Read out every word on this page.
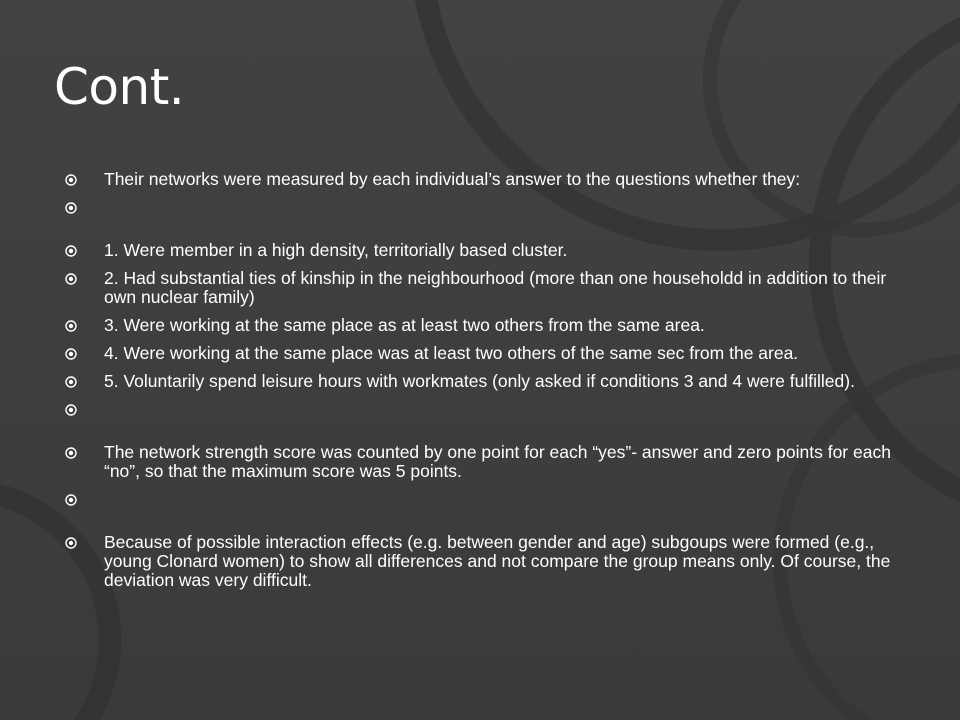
Cont.
Their networks were measured by each individual’s answer to the questions whether they:
1. Were member in a high density, territorially based cluster.
2. Had substantial ties of kinship in the neighbourhood (more than one householdd in addition to their own nuclear family)
3. Were working at the same place as at least two others from the same area.
4. Were working at the same place was at least two others of the same sec from the area.
5. Voluntarily spend leisure hours with workmates (only asked if conditions 3 and 4 were fulfilled).
The network strength score was counted by one point for each “yes”- answer and zero points for each “no”, so that the maximum score was 5 points.
Because of possible interaction effects (e.g. between gender and age) subgoups were formed (e.g., young Clonard women) to show all differences and not compare the group means only. Of course, the deviation was very difficult.
